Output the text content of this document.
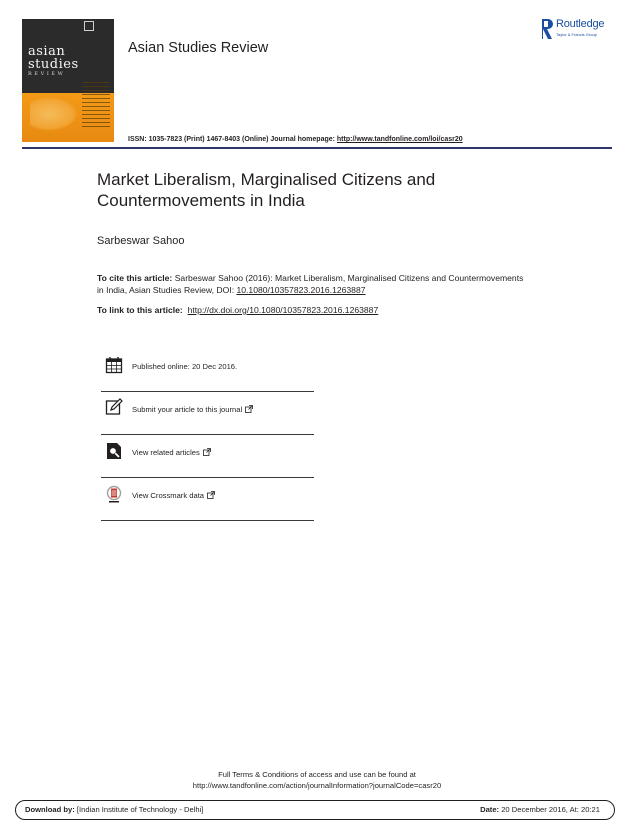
asian
studies
REVIEW
Asian Studies Review
Routledge
Taylor & Francis Group
ISSN: 1035-7823 (Print) 1467-8403 (Online) Journal homepage: http://www.tandfonline.com/loi/casr20
Market Liberalism, Marginalised Citizens and
Countermovements in India
Sarbeswar Sahoo
To cite this article: Sarbeswar Sahoo (2016): Market Liberalism, Marginalised Citizens and Countermovements in India, Asian Studies Review, DOI: 10.1080/10357823.2016.1263887
To link to this article: http://dx.doi.org/10.1080/10357823.2016.1263887
Published online: 20 Dec 2016.
Submit your article to this journal
View related articles
View Crossmark data
Full Terms & Conditions of access and use can be found at
http://www.tandfonline.com/action/journalInformation?journalCode=casr20
Download by: [Indian Institute of Technology - Delhi]	Date: 20 December 2016, At: 20:21
